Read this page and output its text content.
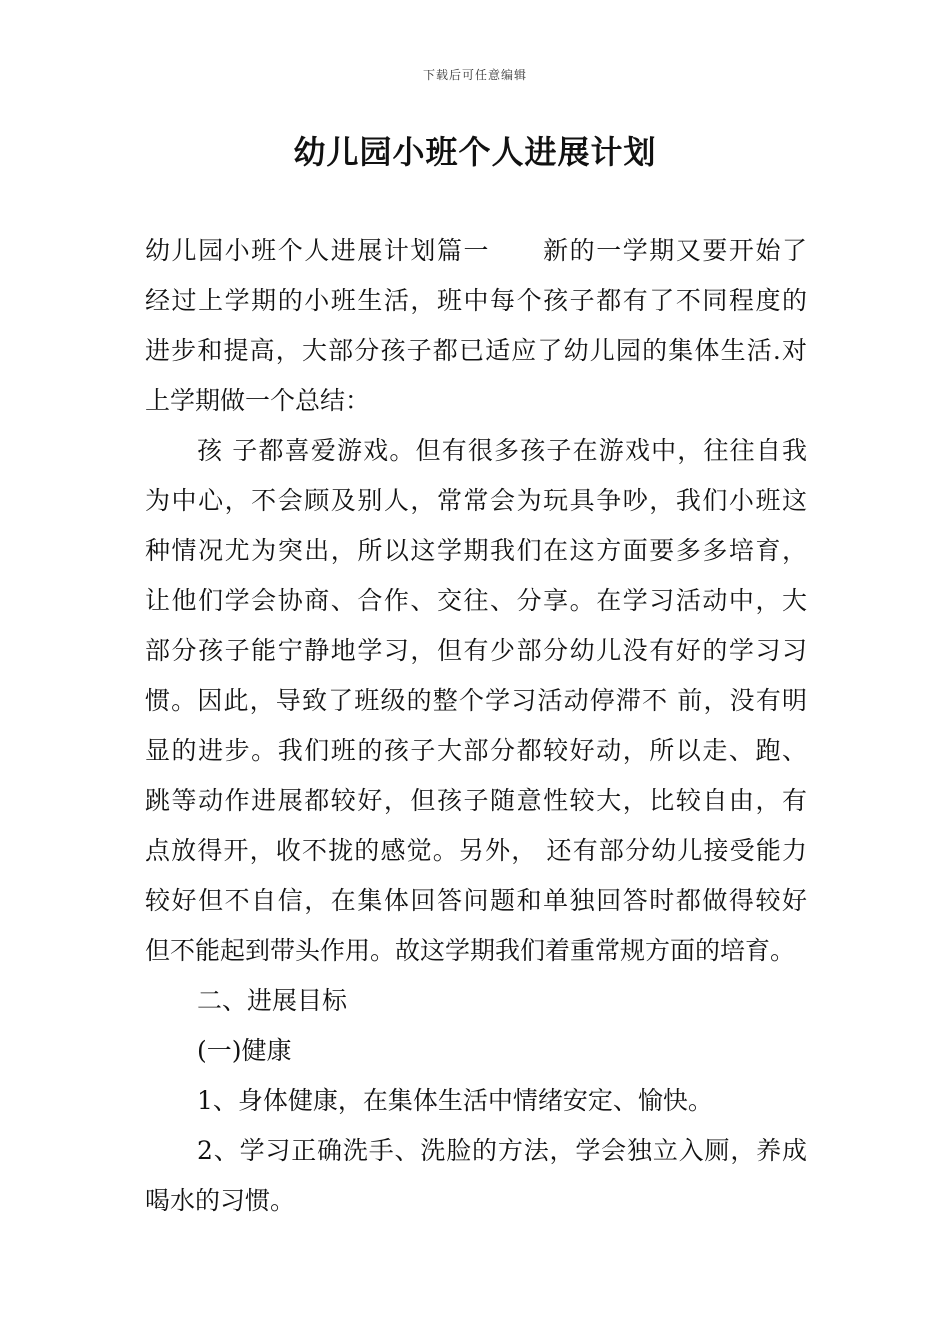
下载后可任意编辑
幼儿园小班个人进展计划
幼儿园小班个人进展计划篇一　　新的一学期又要开始了
经过上学期的小班生活，班中每个孩子都有了不同程度的
进步和提高，大部分孩子都已适应了幼儿园的集体生活.对
上学期做一个总结：
孩 子都喜爱游戏。但有很多孩子在游戏中，往往自我
为中心，不会顾及别人，常常会为玩具争吵，我们小班这
种情况尤为突出，所以这学期我们在这方面要多多培育，
让他们学会协商、合作、交往、分享。在学习活动中，大
部分孩子能宁静地学习，但有少部分幼儿没有好的学习习
惯。因此，导致了班级的整个学习活动停滞不 前，没有明
显的进步。我们班的孩子大部分都较好动，所以走、跑、
跳等动作进展都较好，但孩子随意性较大，比较自由，有
点放得开，收不拢的感觉。另外， 还有部分幼儿接受能力
较好但不自信，在集体回答问题和单独回答时都做得较好
但不能起到带头作用。故这学期我们着重常规方面的培育。
二、进展目标
(一)健康
1、身体健康，在集体生活中情绪安定、愉快。
2、学习正确洗手、洗脸的方法，学会独立入厕，养成
喝水的习惯。
